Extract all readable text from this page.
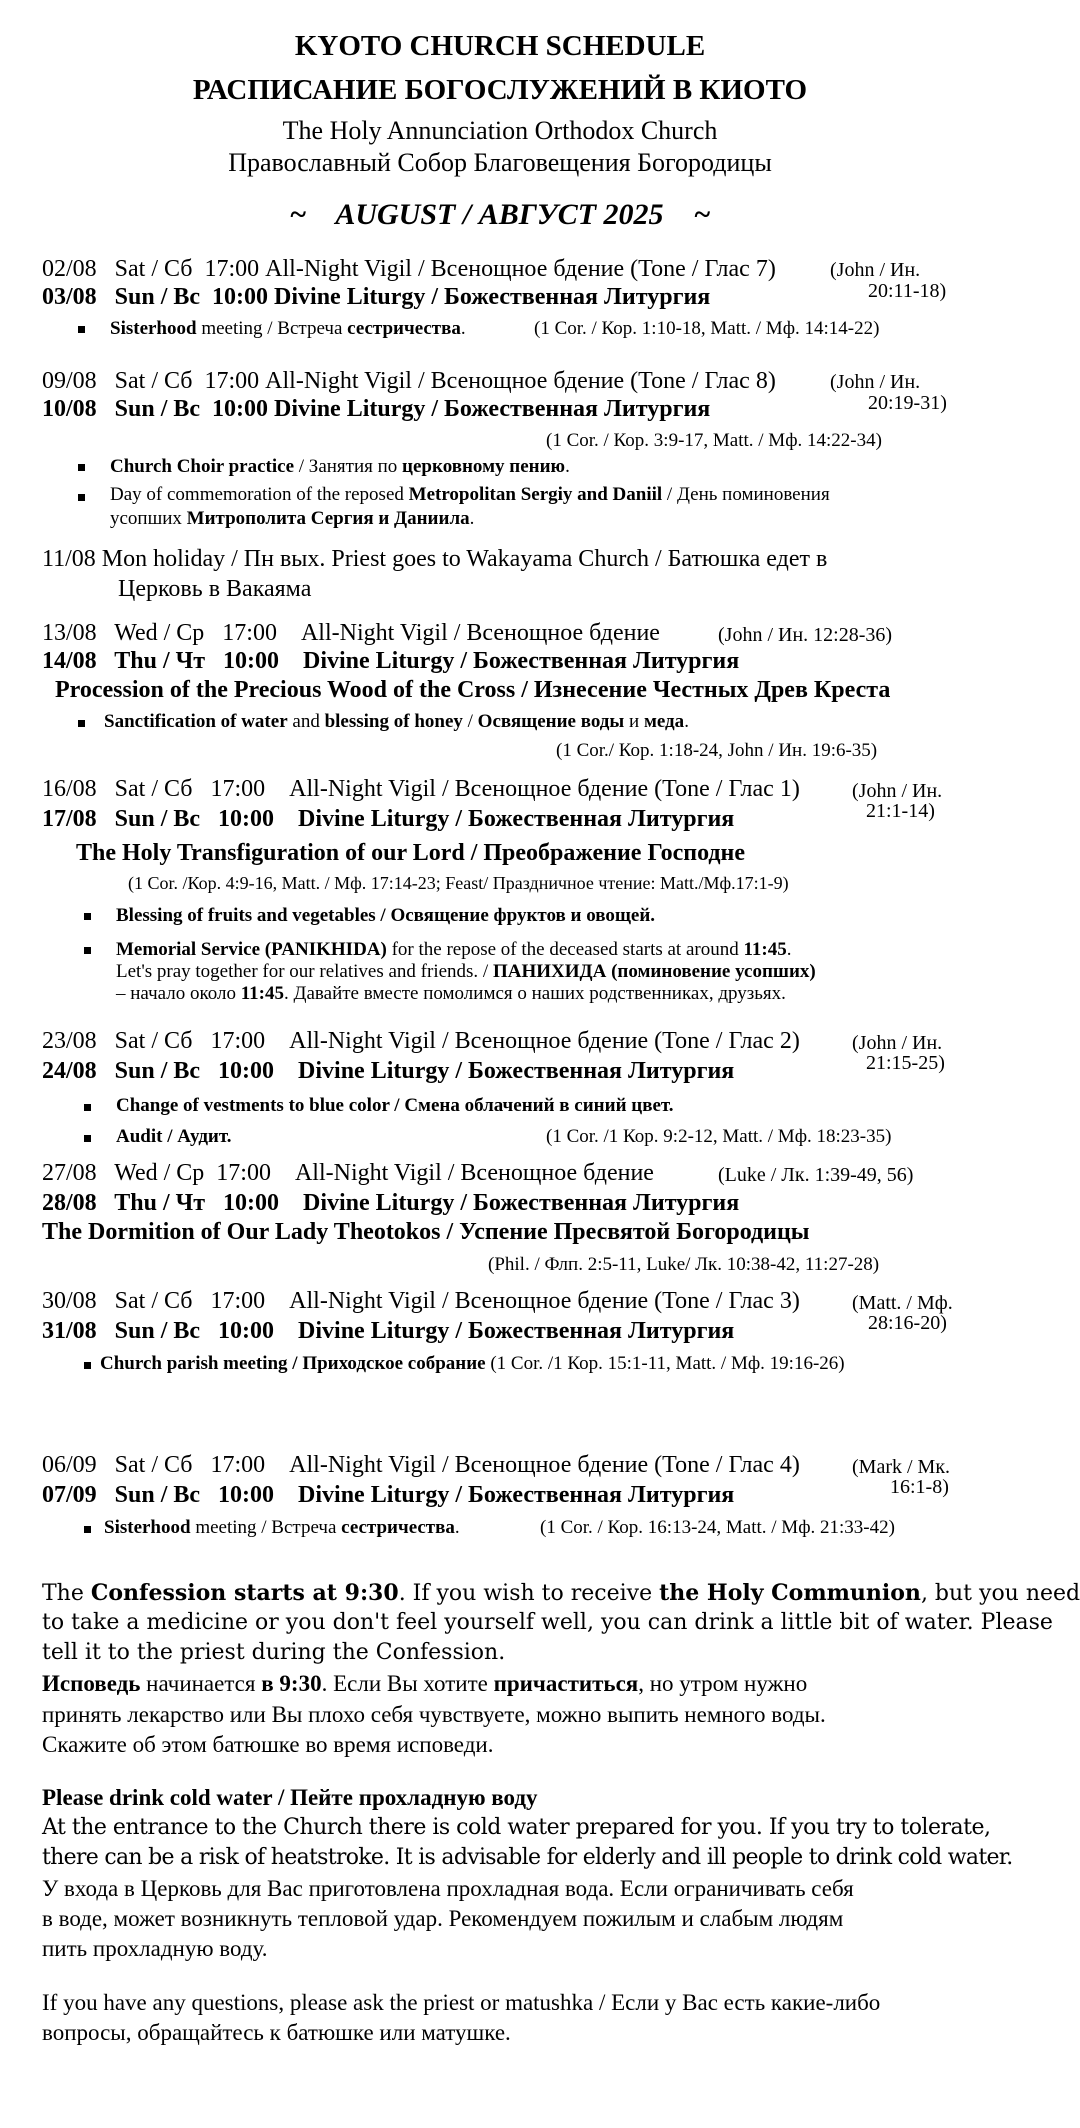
KYOTO CHURCH SCHEDULE
РАСПИСАНИЕ БОГОСЛУЖЕНИЙ В КИОТО
The Holy Annunciation Orthodox Church
Православный Собор Благовещения Богородицы
~    AUGUST / АВГУСТ 2025    ~
02/08   Sat / Сб  17:00 All-Night Vigil / Всенощное бдение (Tone / Глас 7)
03/08   Sun / Вс  10:00 Divine Liturgy / Божественная Литургия
(John / Ин.
20:11-18)
Sisterhood meeting / Встреча сестричества.	(1 Cor. / Кор. 1:10-18, Matt. / Мф. 14:14-22)
09/08   Sat / Сб  17:00 All-Night Vigil / Всенощное бдение (Tone / Глас 8)
10/08   Sun / Вс  10:00 Divine Liturgy / Божественная Литургия
(John / Ин.
20:19-31)
(1 Cor. / Кор. 3:9-17, Matt. / Мф. 14:22-34)
Church Choir practice / Занятия по церковному пению.
Day of commemoration of the reposed Metropolitan Sergiy and Daniil / День поминовения
усопших Митрополита Сергия и Даниила.
11/08 Mon holiday / Пн вых. Priest goes to Wakayama Church / Батюшка едет в
Церковь в Вакаяма
13/08   Wed / Ср   17:00    All-Night Vigil / Всенощное бдение	(John / Ин. 12:28-36)
14/08   Thu / Чт   10:00    Divine Liturgy / Божественная Литургия
Procession of the Precious Wood of the Cross / Изнесение Честных Древ Креста
Sanctification of water and blessing of honey / Освящение воды и меда.
(1 Cor./ Кор. 1:18-24, John / Ин. 19:6-35)
16/08   Sat / Сб   17:00    All-Night Vigil / Всенощное бдение (Tone / Глас 1)
17/08   Sun / Вс   10:00    Divine Liturgy / Божественная Литургия
(John / Ин.
21:1-14)
The Holy Transfiguration of our Lord / Преображение Господне
(1 Cor. /Кор. 4:9-16, Matt. / Мф. 17:14-23; Feast/ Праздничное чтение: Matt./Мф.17:1-9)
Blessing of fruits and vegetables / Освящение фруктов и овощей.
Memorial Service (PANIKHIDA) for the repose of the deceased starts at around 11:45.
Let's pray together for our relatives and friends. / ПАНИХИДА (поминовение усопших)
– начало около 11:45. Давайте вместе помолимся о наших родственниках, друзьях.
23/08   Sat / Сб   17:00    All-Night Vigil / Всенощное бдение (Tone / Глас 2)
24/08   Sun / Вс   10:00    Divine Liturgy / Божественная Литургия
(John / Ин.
21:15-25)
Change of vestments to blue color / Смена облачений в синий цвет.
Audit / Аудит.	(1 Cor. /1 Кор. 9:2-12, Matt. / Мф. 18:23-35)
27/08   Wed / Ср  17:00    All-Night Vigil / Всенощное бдение	(Luke / Лк. 1:39-49, 56)
28/08   Thu / Чт   10:00    Divine Liturgy / Божественная Литургия
The Dormition of Our Lady Theotokos / Успение Пресвятой Богородицы
(Phil. / Флп. 2:5-11, Luke/ Лк. 10:38-42, 11:27-28)
30/08   Sat / Сб   17:00    All-Night Vigil / Всенощное бдение (Tone / Глас 3)
31/08   Sun / Вс   10:00    Divine Liturgy / Божественная Литургия
(Matt. / Мф.
28:16-20)
Church parish meeting / Приходское собрание (1 Cor. /1 Кор. 15:1-11, Matt. / Мф. 19:16-26)
06/09   Sat / Сб   17:00    All-Night Vigil / Всенощное бдение (Tone / Глас 4)
07/09   Sun / Вс   10:00    Divine Liturgy / Божественная Литургия
(Mark / Мк.
16:1-8)
Sisterhood meeting / Встреча сестричества.	(1 Cor. / Кор. 16:13-24, Matt. / Мф. 21:33-42)
The Confession starts at 9:30. If you wish to receive the Holy Communion, but you need
to take a medicine or you don't feel yourself well, you can drink a little bit of water. Please
tell it to the priest during the Confession.
Исповедь начинается в 9:30. Если Вы хотите причаститься, но утром нужно
принять лекарство или Вы плохо себя чувствуете, можно выпить немного воды.
Скажите об этом батюшке во время исповеди.
Please drink cold water / Пейте прохладную воду
At the entrance to the Church there is cold water prepared for you. If you try to tolerate,
there can be a risk of heatstroke. It is advisable for elderly and ill people to drink cold water.
У входа в Церковь для Вас приготовлена прохладная вода. Если ограничивать себя
в воде, может возникнуть тепловой удар. Рекомендуем пожилым и слабым людям
пить прохладную воду.
If you have any questions, please ask the priest or matushka / Если у Вас есть какие-либо
вопросы, обращайтесь к батюшке или матушке.
